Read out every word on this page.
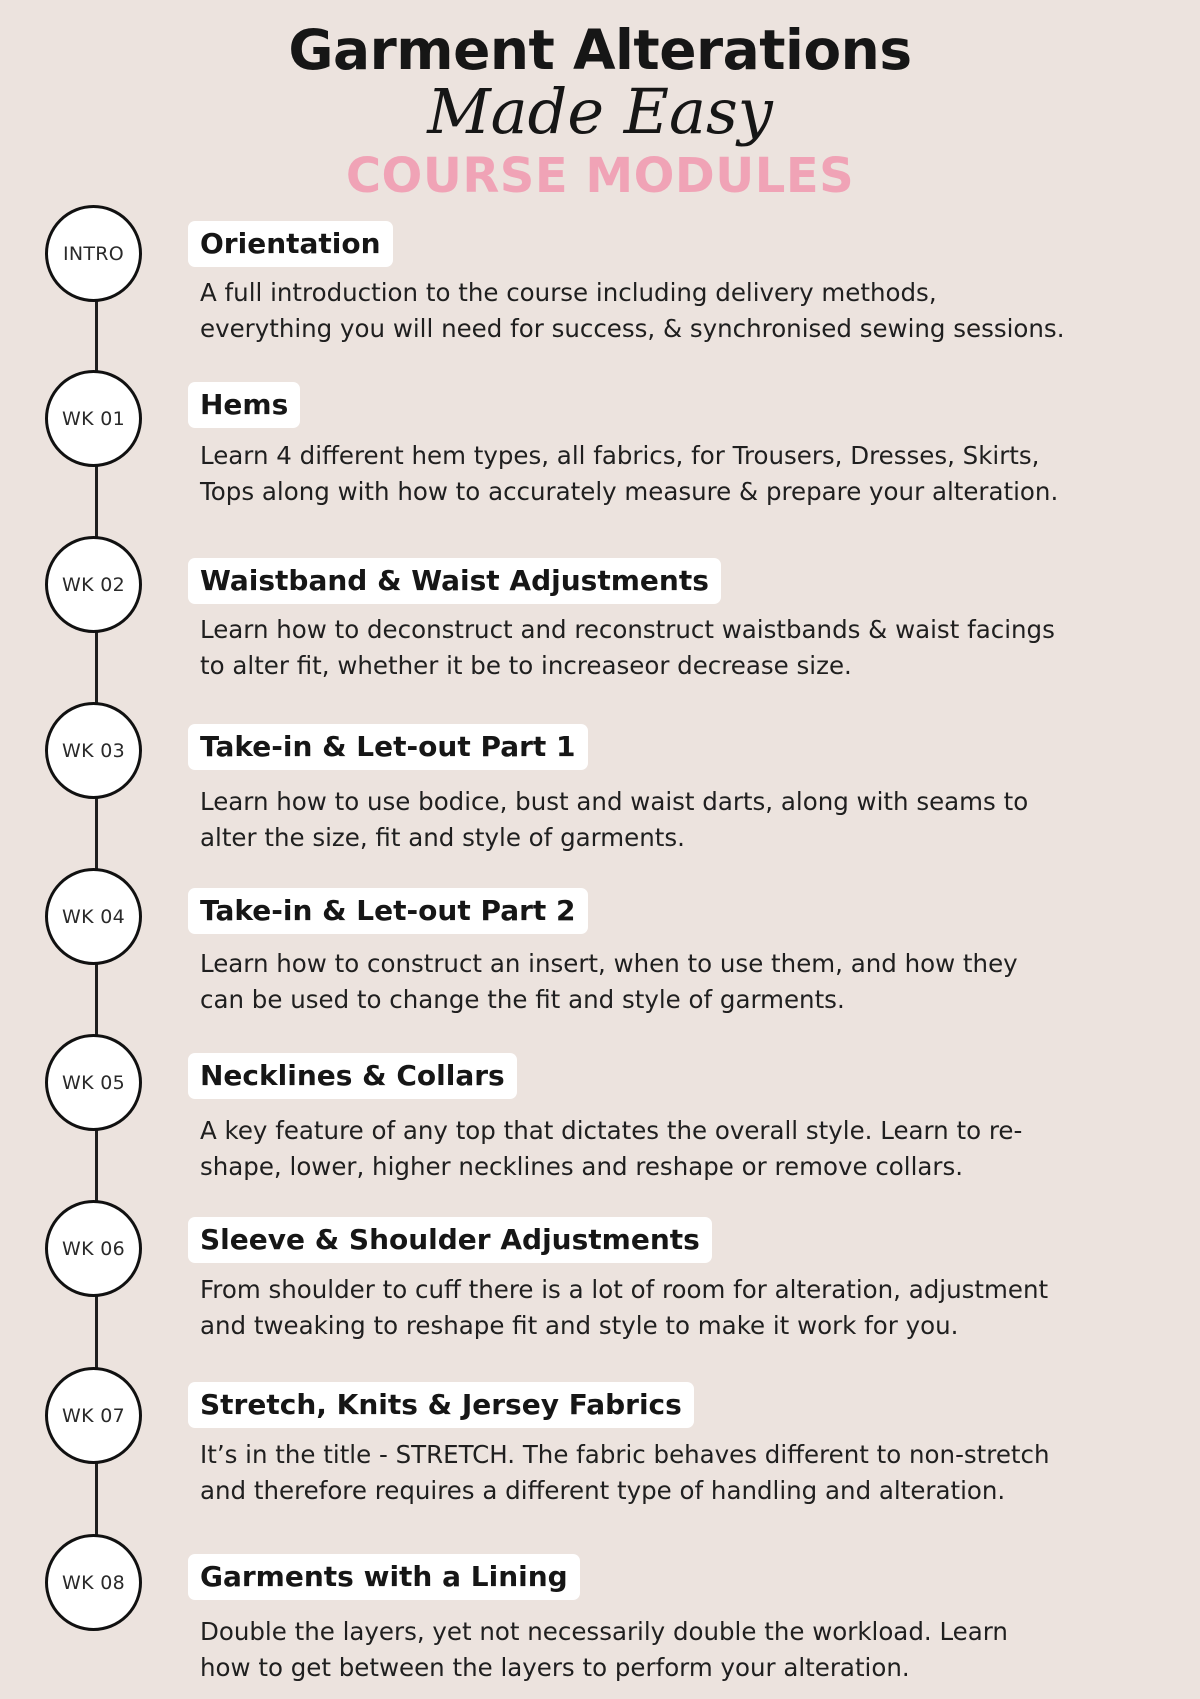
Garment Alterations
Made Easy
COURSE MODULES
INTRO	Orientation

A full introduction to the course including delivery methods,
everything you will need for success, & synchronised sewing sessions.

WK 01	Hems

Learn 4 different hem types, all fabrics, for Trousers, Dresses, Skirts,
Tops along with how to accurately measure & prepare your alteration.

WK 02	Waistband & Waist Adjustments

Learn how to deconstruct and reconstruct waistbands & waist facings
to alter fit, whether it be to increaseor decrease size.

WK 03	Take-in & Let-out Part 1

Learn how to use bodice, bust and waist darts, along with seams to
alter the size, fit and style of garments.

WK 04	Take-in & Let-out Part 2

Learn how to construct an insert, when to use them, and how they
can be used to change the fit and style of garments.

WK 05	Necklines & Collars

A key feature of any top that dictates the overall style. Learn to re-
shape, lower, higher necklines and reshape or remove collars.

WK 06	Sleeve & Shoulder Adjustments

From shoulder to cuff there is a lot of room for alteration, adjustment
and tweaking to reshape fit and style to make it work for you.

WK 07	Stretch, Knits & Jersey Fabrics

It’s in the title - STRETCH. The fabric behaves different to non-stretch
and therefore requires a different type of handling and alteration.

WK 08	Garments with a Lining

Double the layers, yet not necessarily double the workload. Learn
how to get between the layers to perform your alteration.
